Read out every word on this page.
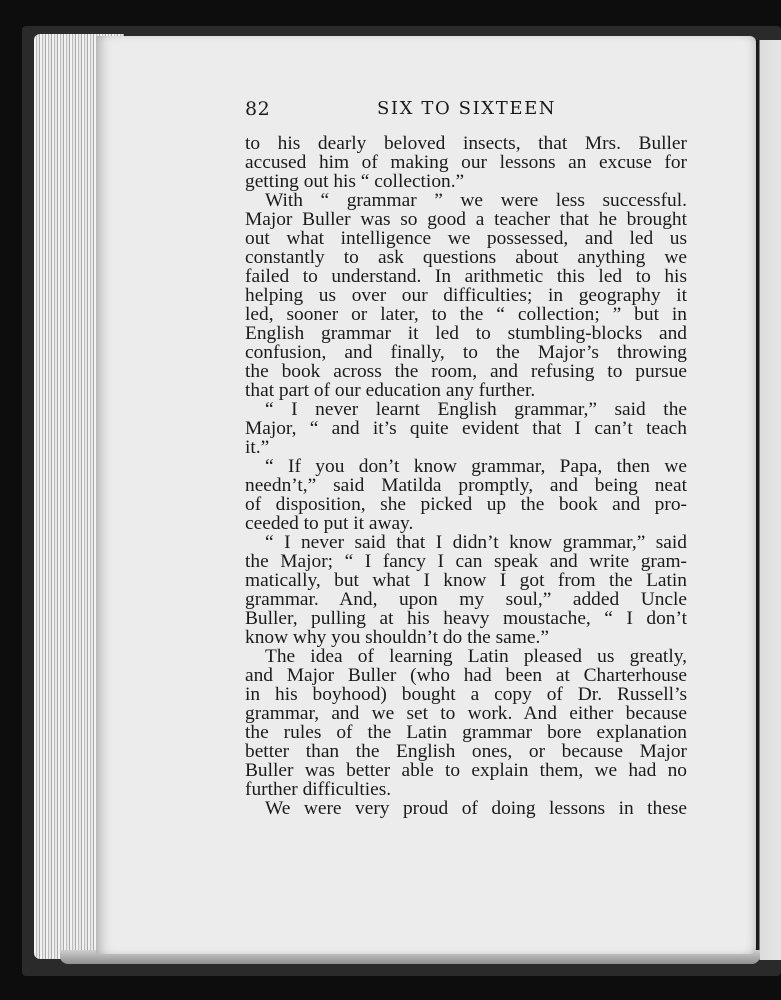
82	SIX TO SIXTEEN
to his dearly beloved insects, that Mrs. Buller
accused him of making our lessons an excuse for
getting out his “ collection.”
With “ grammar ” we were less successful.
Major Buller was so good a teacher that he brought
out what intelligence we possessed, and led us
constantly to ask questions about anything we
failed to understand. In arithmetic this led to his
helping us over our difficulties; in geography it
led, sooner or later, to the “ collection; ” but in
English grammar it led to stumbling-blocks and
confusion, and finally, to the Major’s throwing
the book across the room, and refusing to pursue
that part of our education any further.
“ I never learnt English grammar,” said the
Major, “ and it’s quite evident that I can’t teach
it.”
“ If you don’t know grammar, Papa, then we
needn’t,” said Matilda promptly, and being neat
of disposition, she picked up the book and pro-
ceeded to put it away.
“ I never said that I didn’t know grammar,” said
the Major; “ I fancy I can speak and write gram-
matically, but what I know I got from the Latin
grammar. And, upon my soul,” added Uncle
Buller, pulling at his heavy moustache, “ I don’t
know why you shouldn’t do the same.”
The idea of learning Latin pleased us greatly,
and Major Buller (who had been at Charterhouse
in his boyhood) bought a copy of Dr. Russell’s
grammar, and we set to work. And either because
the rules of the Latin grammar bore explanation
better than the English ones, or because Major
Buller was better able to explain them, we had no
further difficulties.
We were very proud of doing lessons in these
